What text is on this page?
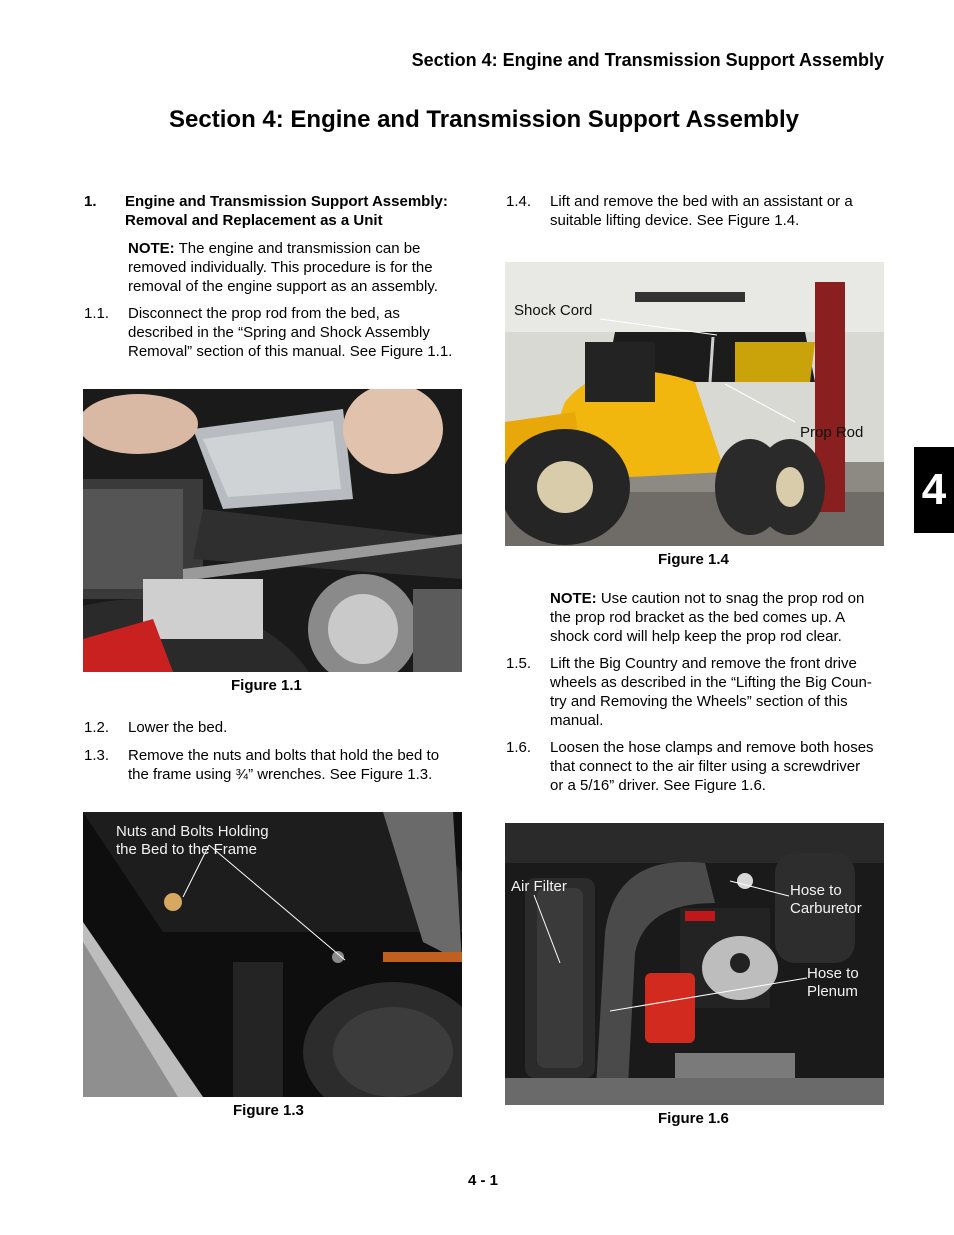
Section 4: Engine and Transmission Support Assembly
Section 4: Engine and Transmission Support Assembly
1. Engine and Transmission Support Assembly:
Removal and Replacement as a Unit
NOTE: The engine and transmission can be
removed individually. This procedure is for the
removal of the engine support as an assembly.
1.1. Disconnect the prop rod from the bed, as
described in the “Spring and Shock Assembly
Removal” section of this manual. See Figure 1.1.
Figure 1.1
1.2. Lower the bed.
1.3. Remove the nuts and bolts that hold the bed to
the frame using ¾” wrenches. See Figure 1.3.
Nuts and Bolts Holding
the Bed to the Frame
Figure 1.3
1.4. Lift and remove the bed with an assistant or a
suitable lifting device. See Figure 1.4.
Shock Cord
Prop Rod
Figure 1.4
NOTE: Use caution not to snag the prop rod on
the prop rod bracket as the bed comes up. A
shock cord will help keep the prop rod clear.
1.5. Lift the Big Country and remove the front drive
wheels as described in the “Lifting the Big Coun-
try and Removing the Wheels” section of this
manual.
1.6. Loosen the hose clamps and remove both hoses
that connect to the air filter using a screwdriver
or a 5/16” driver. See Figure 1.6.
Air Filter	Hose to
Carburetor
Hose to
Plenum
Figure 1.6
4
4 - 1
